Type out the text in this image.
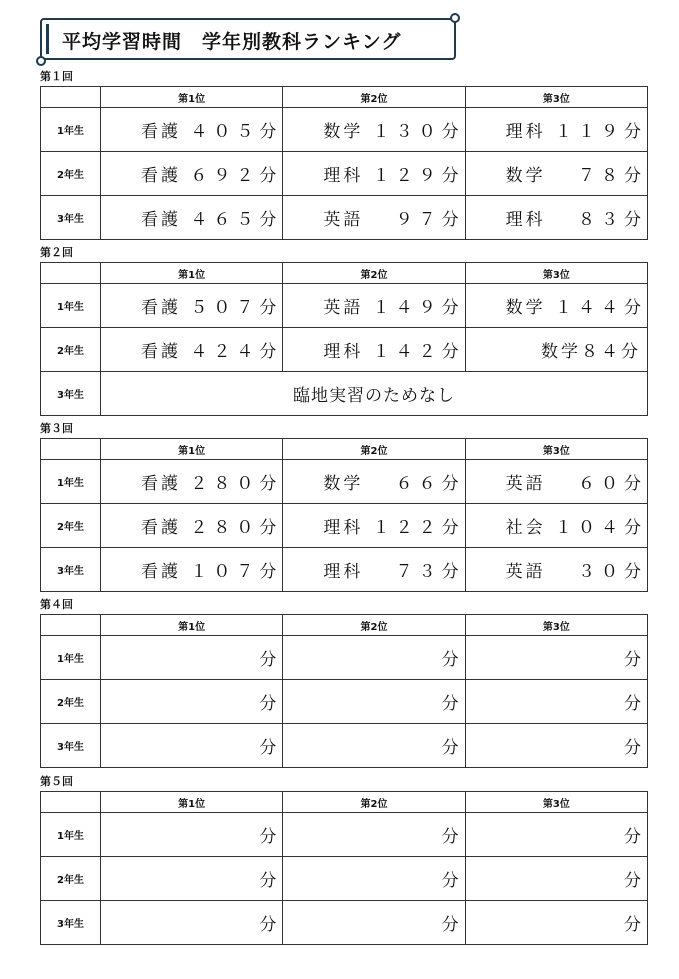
平均学習時間　学年別教科ランキング
第１回
	第1位	第2位	第3位
1年生	看護 ４０５分	数学 １３０分	理科 １１９分

2年生	看護 ６９２分	理科 １２９分	数学 ７８分

3年生	看護 ４６５分	英語 ９７分	理科 ８３分
第２回
	第1位	第2位	第3位
1年生	看護 ５０７分	英語 １４９分	数学 １４４分

2年生	看護 ４２４分	理科 １４２分	数学８４分

3年生	臨地実習のためなし		
第３回
	第1位	第2位	第3位
1年生	看護 ２８０分	数学 ６６分	英語 ６０分

2年生	看護 ２８０分	理科 １２２分	社会 １０４分

3年生	看護 １０７分	理科 ７３分	英語 ３０分
第４回
	第1位	第2位	第3位
1年生	分	分	分

2年生	分	分	分

3年生	分	分	分
第５回
	第1位	第2位	第3位
1年生	分	分	分

2年生	分	分	分

3年生	分	分	分
